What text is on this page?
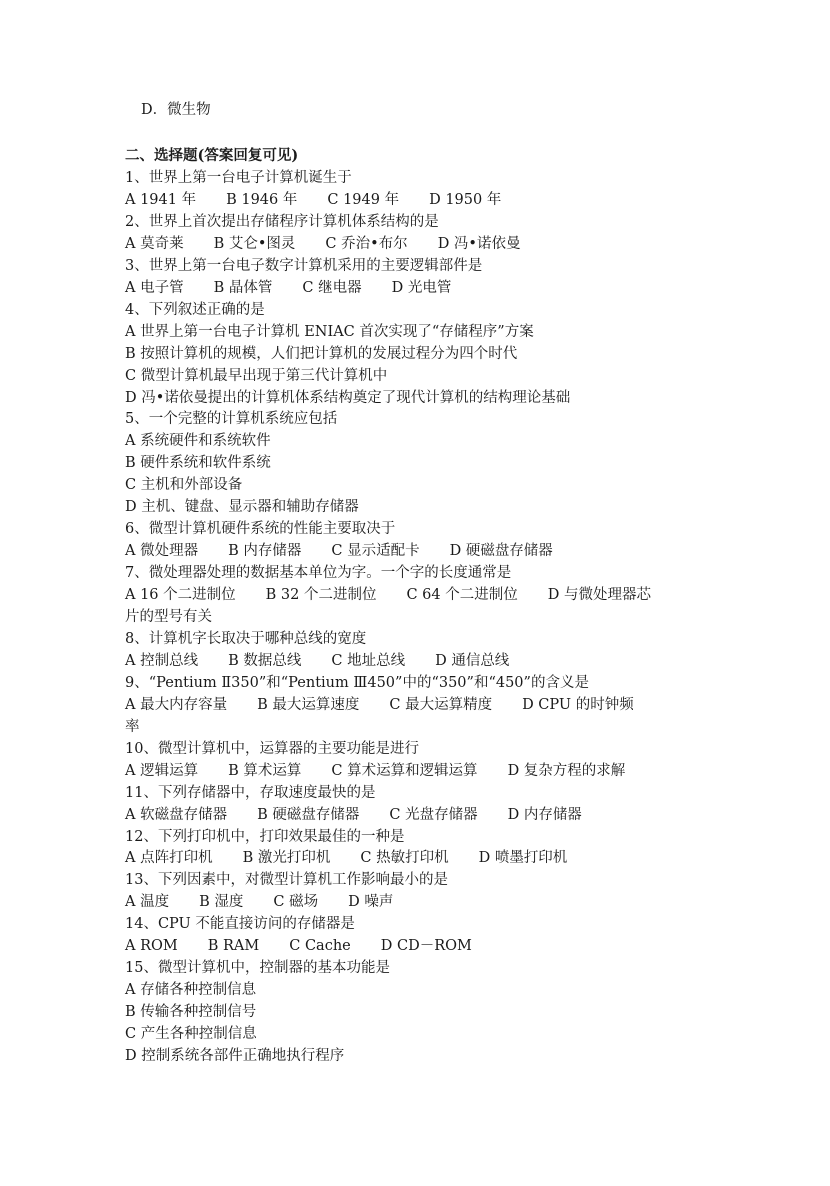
D．微生物
二、选择题(答案回复可见)
1、世界上第一台电子计算机诞生于
A 1941 年 B 1946 年 C 1949 年 D 1950 年
2、世界上首次提出存储程序计算机体系结构的是
A 莫奇莱 B 艾仑•图灵 C 乔治•布尔 D 冯•诺依曼
3、世界上第一台电子数字计算机采用的主要逻辑部件是
A 电子管 B 晶体管 C 继电器 D 光电管
4、下列叙述正确的是
A 世界上第一台电子计算机 ENIAC 首次实现了“存储程序”方案
B 按照计算机的规模，人们把计算机的发展过程分为四个时代
C 微型计算机最早出现于第三代计算机中
D 冯•诺依曼提出的计算机体系结构奠定了现代计算机的结构理论基础
5、一个完整的计算机系统应包括
A 系统硬件和系统软件
B 硬件系统和软件系统
C 主机和外部设备
D 主机、键盘、显示器和辅助存储器
6、微型计算机硬件系统的性能主要取决于
A 微处理器 B 内存储器 C 显示适配卡 D 硬磁盘存储器
7、微处理器处理的数据基本单位为字。一个字的长度通常是
A 16 个二进制位 B 32 个二进制位 C 64 个二进制位 D 与微处理器芯
片的型号有关
8、计算机字长取决于哪种总线的宽度
A 控制总线 B 数据总线 C 地址总线 D 通信总线
9、“Pentium Ⅱ350”和“Pentium Ⅲ450”中的“350”和“450”的含义是
A 最大内存容量 B 最大运算速度 C 最大运算精度 D CPU 的时钟频
率
10、微型计算机中，运算器的主要功能是进行
A 逻辑运算 B 算术运算 C 算术运算和逻辑运算 D 复杂方程的求解
11、下列存储器中，存取速度最快的是
A 软磁盘存储器 B 硬磁盘存储器 C 光盘存储器 D 内存储器
12、下列打印机中，打印效果最佳的一种是
A 点阵打印机 B 激光打印机 C 热敏打印机 D 喷墨打印机
13、下列因素中，对微型计算机工作影响最小的是
A 温度 B 湿度 C 磁场 D 噪声
14、CPU 不能直接访问的存储器是
A ROM B RAM C Cache D CD－ROM
15、微型计算机中，控制器的基本功能是
A 存储各种控制信息
B 传输各种控制信号
C 产生各种控制信息
D 控制系统各部件正确地执行程序
